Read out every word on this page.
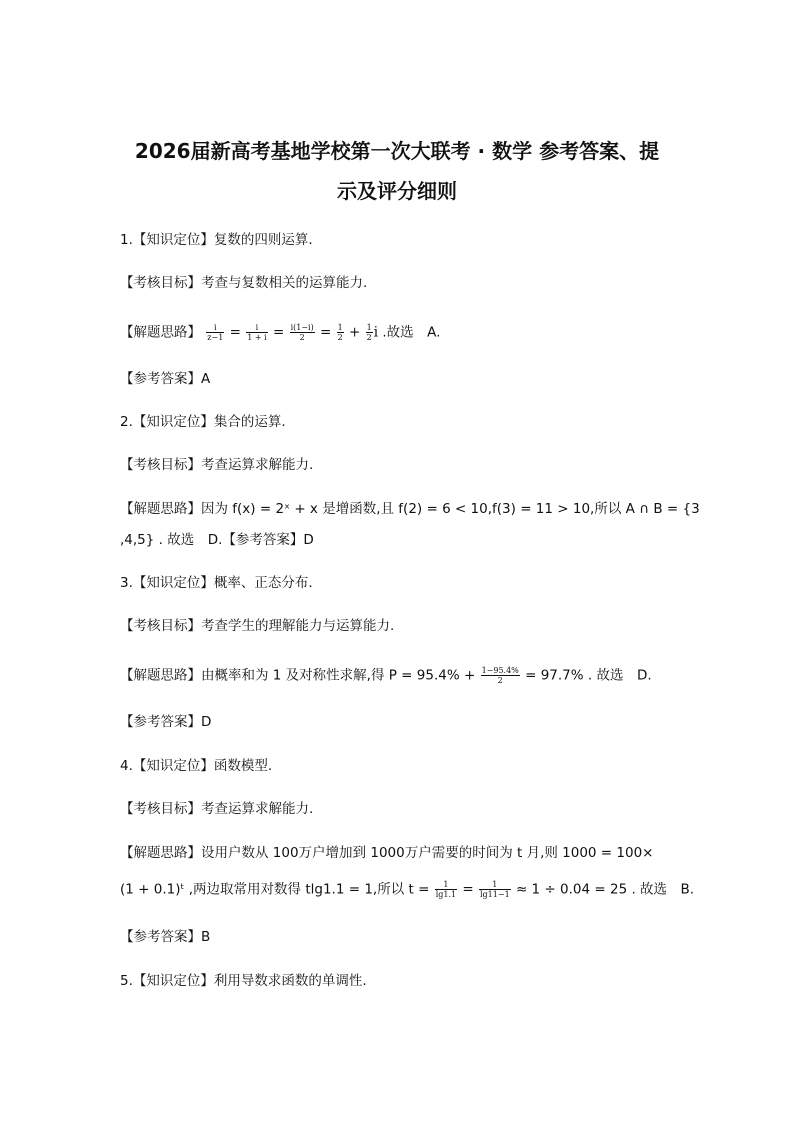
2026届新高考基地学校第一次大联考 · 数学 参考答案、提
示及评分细则
1.【知识定位】复数的四则运算.
【考核目标】考查与复数相关的运算能力.
【解题思路】 $\frac{i}{z-1} = \frac{i}{1 + i} = \frac{i(1-i)}{2} = \frac{1}{2} + \frac{1}{2}$ i .故选　A.
【参考答案】A
2.【知识定位】集合的运算.
【考核目标】考查运算求解能力.
【解题思路】因为 f(x) = 2ˣ + x 是增函数,且 f(2) = 6 < 10,f(3) = 11 > 10,所以 A ∩ B = {3
,4,5} . 故选　D.【参考答案】D
3.【知识定位】概率、正态分布.
【考核目标】考查学生的理解能力与运算能力.
【解题思路】由概率和为 1 及对称性求解,得 $P = 95.4\% + \frac{1-95.4\%}{2} = 97.7\%$ . 故选　D.
【参考答案】D
4.【知识定位】函数模型.
【考核目标】考查运算求解能力.
【解题思路】设用户数从 100万户增加到 1000万户需要的时间为 t 月,则 1000 = 100×
(1 + 0.1)ᵗ ,两边取常用对数得 tlg1.1 = 1,所以 $t = \frac{1}{\lg 1.1} = \frac{1}{\lg 11-1} \approx 1 \div 0.04 = 25$ . 故选　B.
【参考答案】B
5.【知识定位】利用导数求函数的单调性.
